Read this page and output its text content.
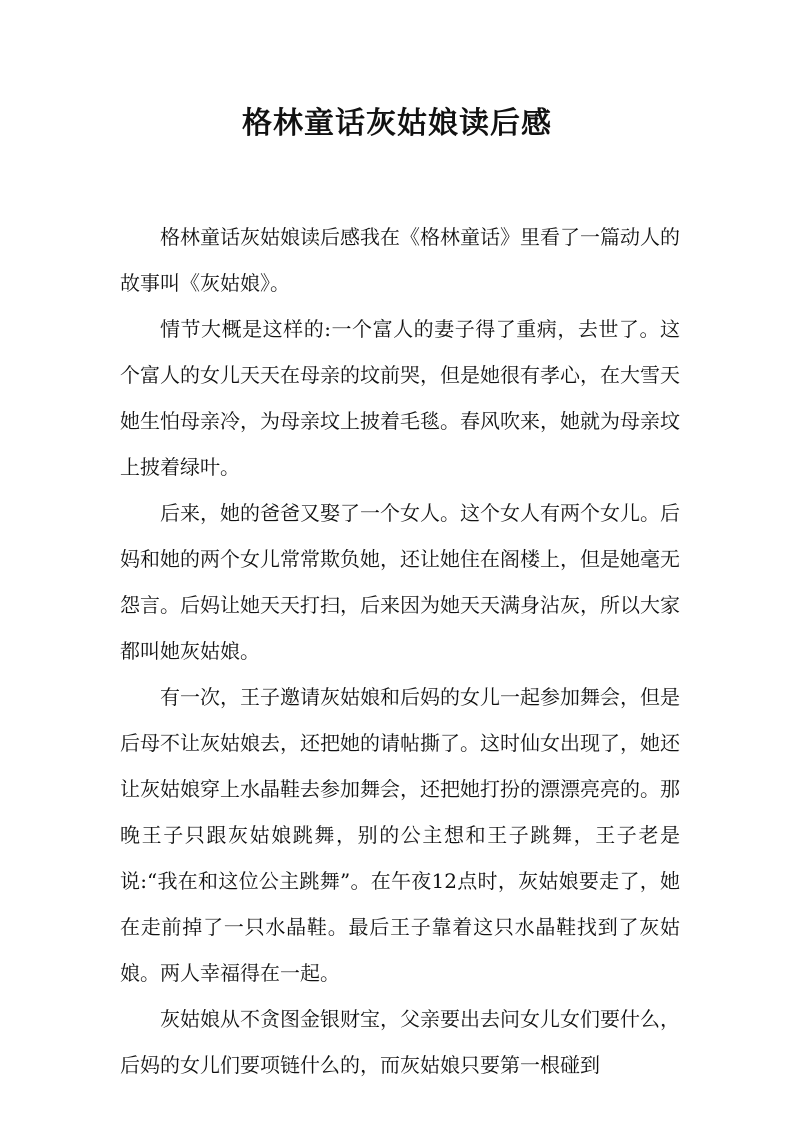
格林童话灰姑娘读后感

格林童话灰姑娘读后感我在《格林童话》里看了一篇动人的故事叫《灰姑娘》。

情节大概是这样的:一个富人的妻子得了重病，去世了。这个富人的女儿天天在母亲的坟前哭，但是她很有孝心，在大雪天她生怕母亲冷，为母亲坟上披着毛毯。春风吹来，她就为母亲坟上披着绿叶。

后来，她的爸爸又娶了一个女人。这个女人有两个女儿。后妈和她的两个女儿常常欺负她，还让她住在阁楼上，但是她毫无怨言。后妈让她天天打扫，后来因为她天天满身沾灰，所以大家都叫她灰姑娘。

有一次，王子邀请灰姑娘和后妈的女儿一起参加舞会，但是后母不让灰姑娘去，还把她的请帖撕了。这时仙女出现了，她还让灰姑娘穿上水晶鞋去参加舞会，还把她打扮的漂漂亮亮的。那晚王子只跟灰姑娘跳舞，别的公主想和王子跳舞，王子老是说:“我在和这位公主跳舞”。在午夜12点时，灰姑娘要走了，她在走前掉了一只水晶鞋。最后王子靠着这只水晶鞋找到了灰姑娘。两人幸福得在一起。

灰姑娘从不贪图金银财宝，父亲要出去问女儿女们要什么，后妈的女儿们要项链什么的，而灰姑娘只要第一根碰到
